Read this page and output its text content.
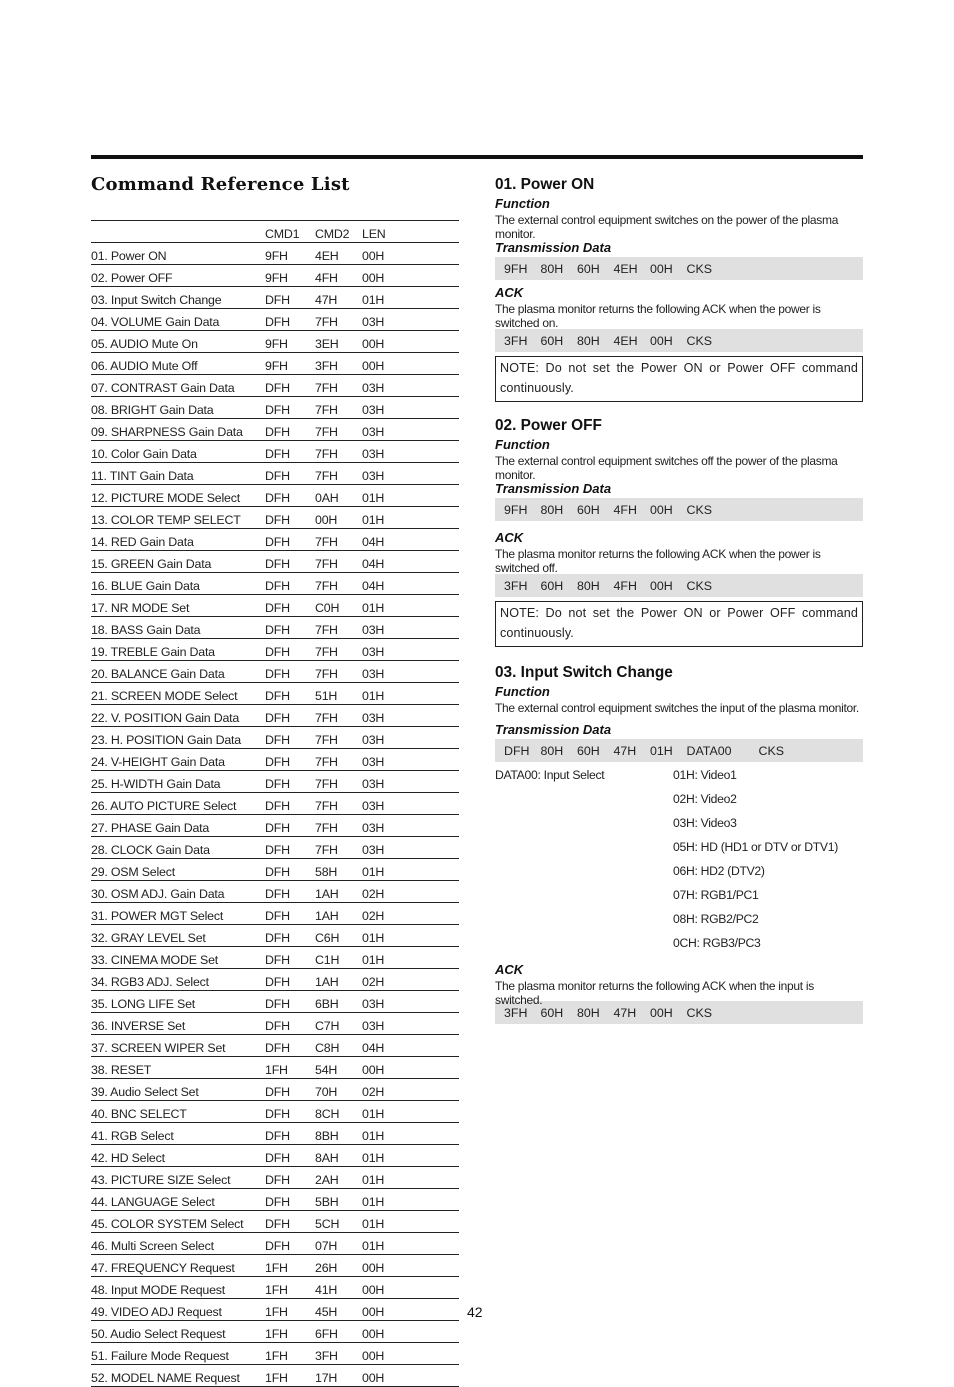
Command Reference List
	CMD1	CMD2	LEN
01. Power ON	9FH	4EH	00H
02. Power OFF	9FH	4FH	00H
03. Input Switch Change	DFH	47H	01H
04. VOLUME Gain Data	DFH	7FH	03H
05. AUDIO Mute On	9FH	3EH	00H
06. AUDIO Mute Off	9FH	3FH	00H
07. CONTRAST Gain Data	DFH	7FH	03H
08. BRIGHT Gain Data	DFH	7FH	03H
09. SHARPNESS Gain Data	DFH	7FH	03H
10. Color Gain Data	DFH	7FH	03H
11. TINT Gain Data	DFH	7FH	03H
12. PICTURE MODE Select	DFH	0AH	01H
13. COLOR TEMP SELECT	DFH	00H	01H
14. RED Gain Data	DFH	7FH	04H
15. GREEN Gain Data	DFH	7FH	04H
16. BLUE Gain Data	DFH	7FH	04H
17. NR MODE Set	DFH	C0H	01H
18. BASS Gain Data	DFH	7FH	03H
19. TREBLE Gain Data	DFH	7FH	03H
20. BALANCE Gain Data	DFH	7FH	03H
21. SCREEN MODE Select	DFH	51H	01H
22. V. POSITION Gain Data	DFH	7FH	03H
23. H. POSITION Gain Data	DFH	7FH	03H
24. V-HEIGHT Gain Data	DFH	7FH	03H
25. H-WIDTH Gain Data	DFH	7FH	03H
26. AUTO PICTURE Select	DFH	7FH	03H
27. PHASE Gain Data	DFH	7FH	03H
28. CLOCK Gain Data	DFH	7FH	03H
29. OSM Select	DFH	58H	01H
30. OSM ADJ. Gain Data	DFH	1AH	02H
31. POWER MGT Select	DFH	1AH	02H
32. GRAY LEVEL Set	DFH	C6H	01H
33. CINEMA MODE Set	DFH	C1H	01H
34. RGB3 ADJ. Select	DFH	1AH	02H
35. LONG LIFE Set	DFH	6BH	03H
36. INVERSE Set	DFH	C7H	03H
37. SCREEN WIPER Set	DFH	C8H	04H
38. RESET	1FH	54H	00H
39. Audio Select Set	DFH	70H	02H
40. BNC SELECT	DFH	8CH	01H
41. RGB Select	DFH	8BH	01H
42. HD Select	DFH	8AH	01H
43. PICTURE SIZE Select	DFH	2AH	01H
44. LANGUAGE Select	DFH	5BH	01H
45. COLOR SYSTEM Select	DFH	5CH	01H
46. Multi Screen Select	DFH	07H	01H
47. FREQUENCY Request	1FH	26H	00H
48. Input MODE Request	1FH	41H	00H
49. VIDEO ADJ Request	1FH	45H	00H
50. Audio Select Request	1FH	6FH	00H
51. Failure Mode Request	1FH	3FH	00H
52. MODEL NAME Request	1FH	17H	00H
01. Power ON
Function
The external control equipment switches on the power of the plasma monitor.
Transmission Data
9FH	80H	60H	4EH 00H	CKS
ACK
The plasma monitor returns the following ACK when the power is switched on.
3FH	60H	80H	4EH 00H	CKS
NOTE: Do not set the Power ON or Power OFF command continuously.
02. Power OFF
Function
The external control equipment switches off the power of the plasma monitor.
Transmission Data
9FH	80H	60H	4FH	00H	CKS
ACK
The plasma monitor returns the following ACK when the power is switched off.
3FH	60H	80H	4FH	00H	CKS
NOTE: Do not set the Power ON or Power OFF command continuously.
03. Input Switch Change
Function
The external control equipment switches the input of the plasma monitor.
Transmission Data
DFH 80H	60H	47H	01H	DATA00	CKS
DATA00: Input Select	01H: Video1
02H: Video2
03H: Video3
05H: HD (HD1 or DTV or DTV1)
06H: HD2 (DTV2)
07H: RGB1/PC1
08H: RGB2/PC2
0CH: RGB3/PC3
ACK
The plasma monitor returns the following ACK when the input is switched.
3FH	60H	80H	47H	00H	CKS
42
